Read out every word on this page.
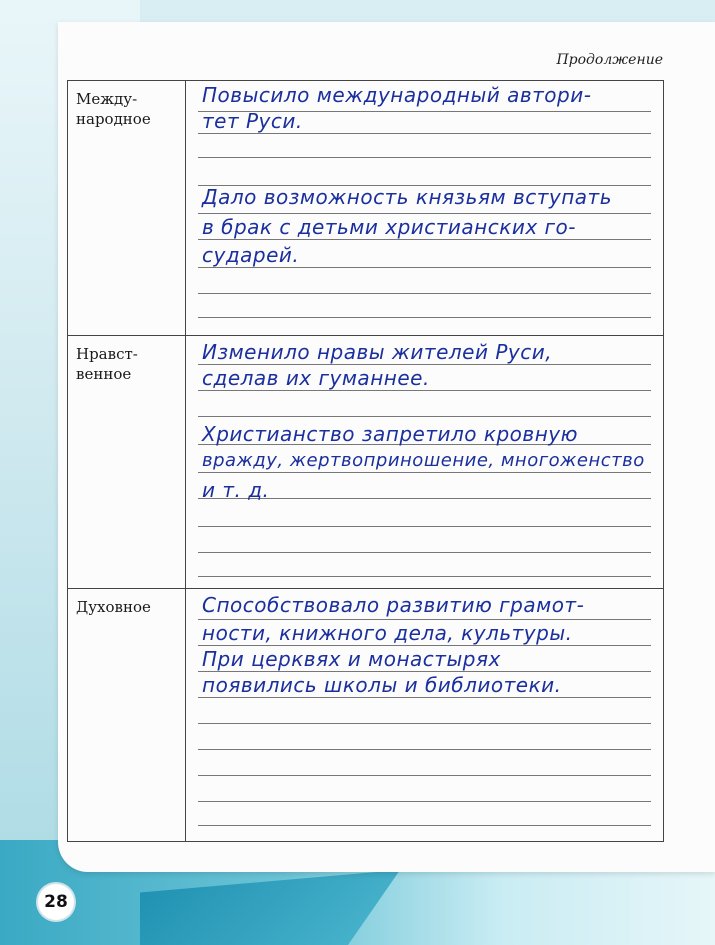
Продолжение
Между-
народное
Повысило международный автори-
тет Руси.
Дало возможность князьям вступать
в брак с детьми христианских го-
сударей.
Нравст-
венное
Изменило нравы жителей Руси,
сделав их гуманнее.
Христианство запретило кровную
вражду, жертвоприношение, многоженство
и т. д.
Духовное	Способствовало развитию грамот-
ности, книжного дела, культуры.
При церквях и монастырях
появились школы и библиотеки.
28
